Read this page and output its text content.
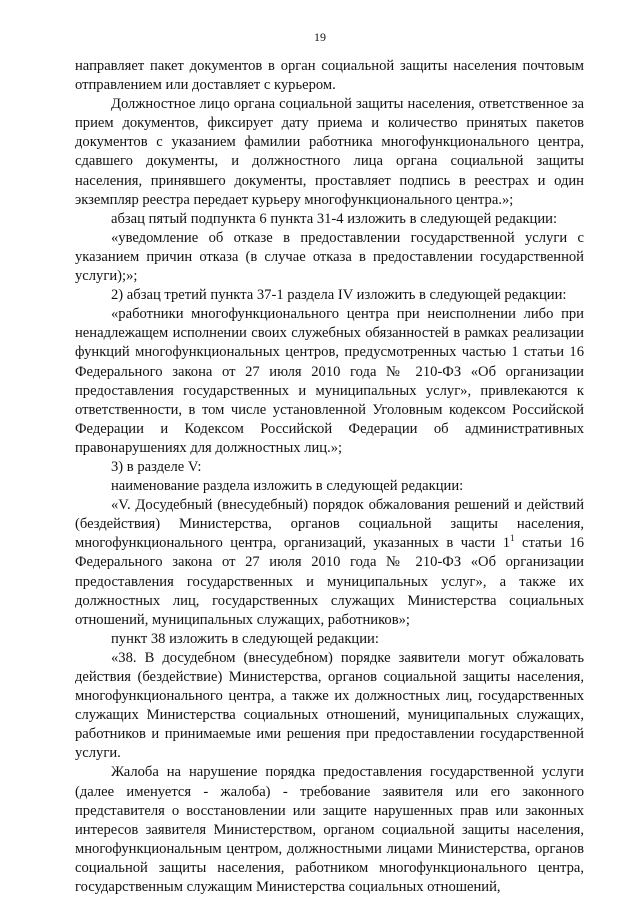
19

направляет пакет документов в орган социальной защиты населения почтовым отправлением или доставляет с курьером.

Должностное лицо органа социальной защиты населения, ответственное за прием документов, фиксирует дату приема и количество принятых пакетов документов с указанием фамилии работника многофункционального центра, сдавшего документы, и должностного лица органа социальной защиты населения, принявшего документы, проставляет подпись в реестрах и один экземпляр реестра передает курьеру многофункционального центра.»;

абзац пятый подпункта 6 пункта 31-4 изложить в следующей редакции:

«уведомление об отказе в предоставлении государственной услуги с указанием причин отказа (в случае отказа в предоставлении государственной услуги);»;

2) абзац третий пункта 37-1 раздела IV изложить в следующей редакции:

«работники многофункционального центра при неисполнении либо при ненадлежащем исполнении своих служебных обязанностей в рамках реализации функций многофункциональных центров, предусмотренных частью 1 статьи 16 Федерального закона от 27 июля 2010 года № 210-ФЗ «Об организации предоставления государственных и муниципальных услуг», привлекаются к ответственности, в том числе установленной Уголовным кодексом Российской Федерации и Кодексом Российской Федерации об административных правонарушениях для должностных лиц.»;

3) в разделе V:

наименование раздела изложить в следующей редакции:

«V. Досудебный (внесудебный) порядок обжалования решений и действий (бездействия) Министерства, органов социальной защиты населения, многофункционального центра, организаций, указанных в части $1^1$ статьи 16 Федерального закона от 27 июля 2010 года № 210-ФЗ «Об организации предоставления государственных и муниципальных услуг», а также их должностных лиц, государственных служащих Министерства социальных отношений, муниципальных служащих, работников»;

пункт 38 изложить в следующей редакции:

«38. В досудебном (внесудебном) порядке заявители могут обжаловать действия (бездействие) Министерства, органов социальной защиты населения, многофункционального центра, а также их должностных лиц, государственных служащих Министерства социальных отношений, муниципальных служащих, работников и принимаемые ими решения при предоставлении государственной услуги.

Жалоба на нарушение порядка предоставления государственной услуги (далее именуется - жалоба) - требование заявителя или его законного представителя о восстановлении или защите нарушенных прав или законных интересов заявителя Министерством, органом социальной защиты населения, многофункциональным центром, должностными лицами Министерства, органов социальной защиты населения, работником многофункционального центра, государственным служащим Министерства социальных отношений,
